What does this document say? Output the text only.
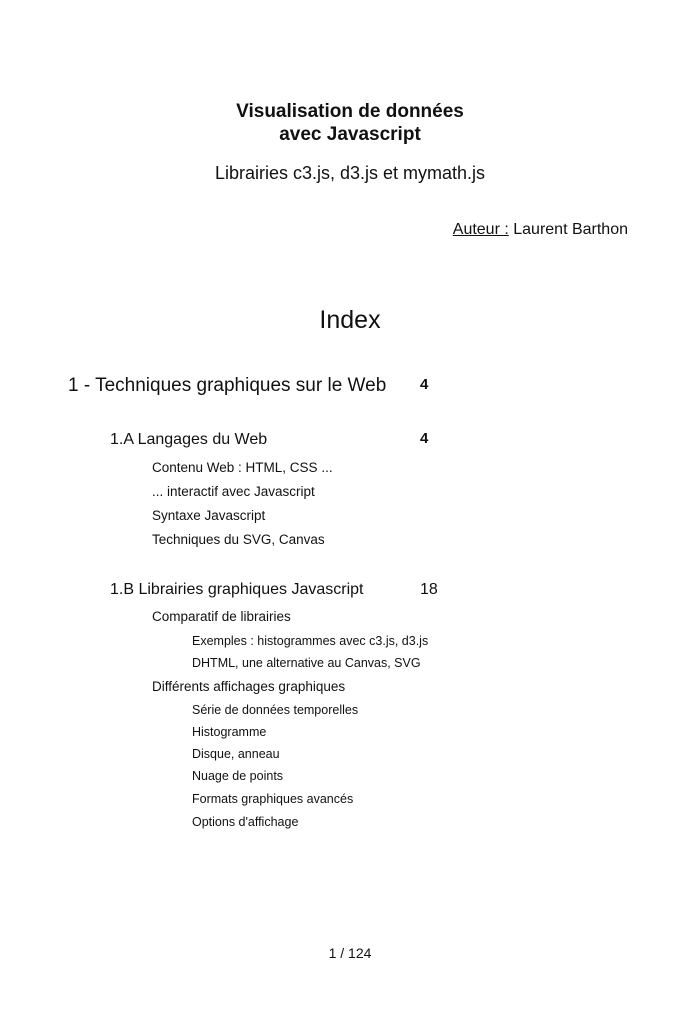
Visualisation de données
avec Javascript
Librairies c3.js, d3.js et mymath.js
Auteur : Laurent Barthon
Index
1 - Techniques graphiques sur le Web 4
1.A Langages du Web	4
Contenu Web : HTML, CSS ...
... interactif avec Javascript
Syntaxe Javascript
Techniques du SVG, Canvas
1.B Librairies graphiques Javascript	18
Comparatif de librairies
Exemples : histogrammes avec c3.js, d3.js
DHTML, une alternative au Canvas, SVG
Différents affichages graphiques
Série de données temporelles
Histogramme
Disque, anneau
Nuage de points
Formats graphiques avancés
Options d'affichage
1 / 124
